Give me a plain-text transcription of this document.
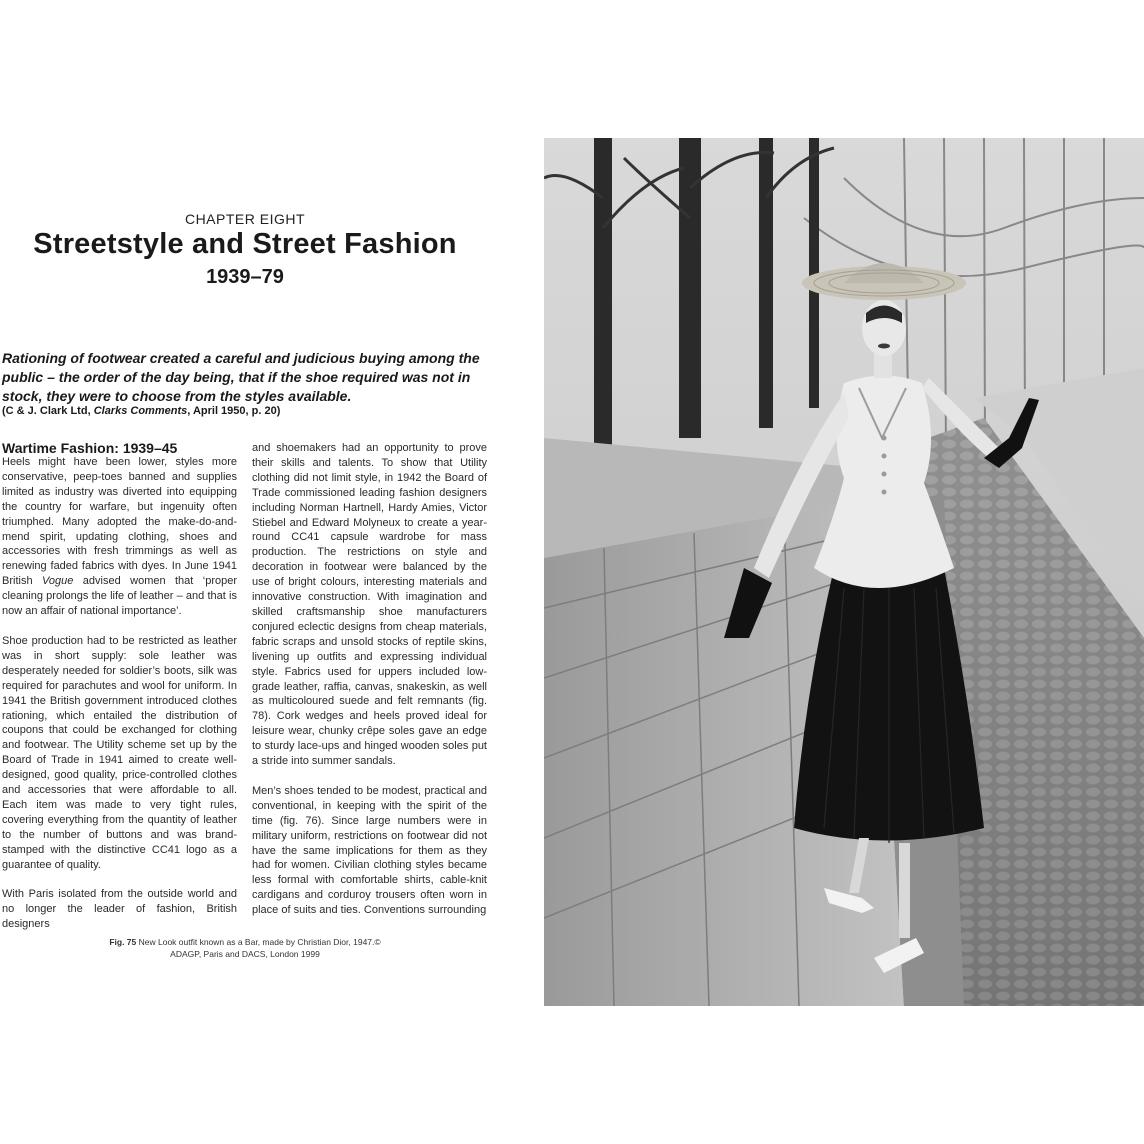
CHAPTER EIGHT
Streetstyle and Street Fashion
1939–79
Rationing of footwear created a careful and judicious buying among the public – the order of the day being, that if the shoe required was not in stock, they were to choose from the styles available.
(C & J. Clark Ltd, Clarks Comments, April 1950, p. 20)
Wartime Fashion: 1939–45

Heels might have been lower, styles more conservative, peep-toes banned and supplies limited as industry was diverted into equipping the country for warfare, but ingenuity often triumphed. Many adopted the make-do-and-mend spirit, updating clothing, shoes and accessories with fresh trimmings as well as renewing faded fabrics with dyes. In June 1941 British Vogue advised women that ‘proper cleaning prolongs the life of leather – and that is now an affair of national importance’.

Shoe production had to be restricted as leather was in short supply: sole leather was desperately needed for soldier’s boots, silk was required for parachutes and wool for uniform. In 1941 the British government introduced clothes rationing, which entailed the distribution of coupons that could be exchanged for clothing and footwear. The Utility scheme set up by the Board of Trade in 1941 aimed to create well-designed, good quality, price-controlled clothes and accessories that were affordable to all. Each item was made to very tight rules, covering everything from the quantity of leather to the number of buttons and was brand-stamped with the distinctive CC41 logo as a guarantee of quality.

With Paris isolated from the outside world and no longer the leader of fashion, British designers

and shoemakers had an opportunity to prove their skills and talents. To show that Utility clothing did not limit style, in 1942 the Board of Trade commissioned leading fashion designers including Norman Hartnell, Hardy Amies, Victor Stiebel and Edward Molyneux to create a year-round CC41 capsule wardrobe for mass production. The restrictions on style and decoration in footwear were balanced by the use of bright colours, interesting materials and innovative construction. With imagination and skilled craftsmanship shoe manufacturers conjured eclectic designs from cheap materials, fabric scraps and unsold stocks of reptile skins, livening up outfits and expressing individual style. Fabrics used for uppers included low-grade leather, raffia, canvas, snakeskin, as well as multicoloured suede and felt remnants (fig. 78). Cork wedges and heels proved ideal for leisure wear, chunky crêpe soles gave an edge to sturdy lace-ups and hinged wooden soles put a stride into summer sandals.

Men’s shoes tended to be modest, practical and conventional, in keeping with the spirit of the time (fig. 76). Since large numbers were in military uniform, restrictions on footwear did not have the same implications for them as they had for women. Civilian clothing styles became less formal with comfortable shirts, cable-knit cardigans and corduroy trousers often worn in place of suits and ties. Conventions surrounding

Fig. 75 New Look outfit known as a Bar, made by Christian Dior, 1947.© ADAGP, Paris and DACS, London 1999
